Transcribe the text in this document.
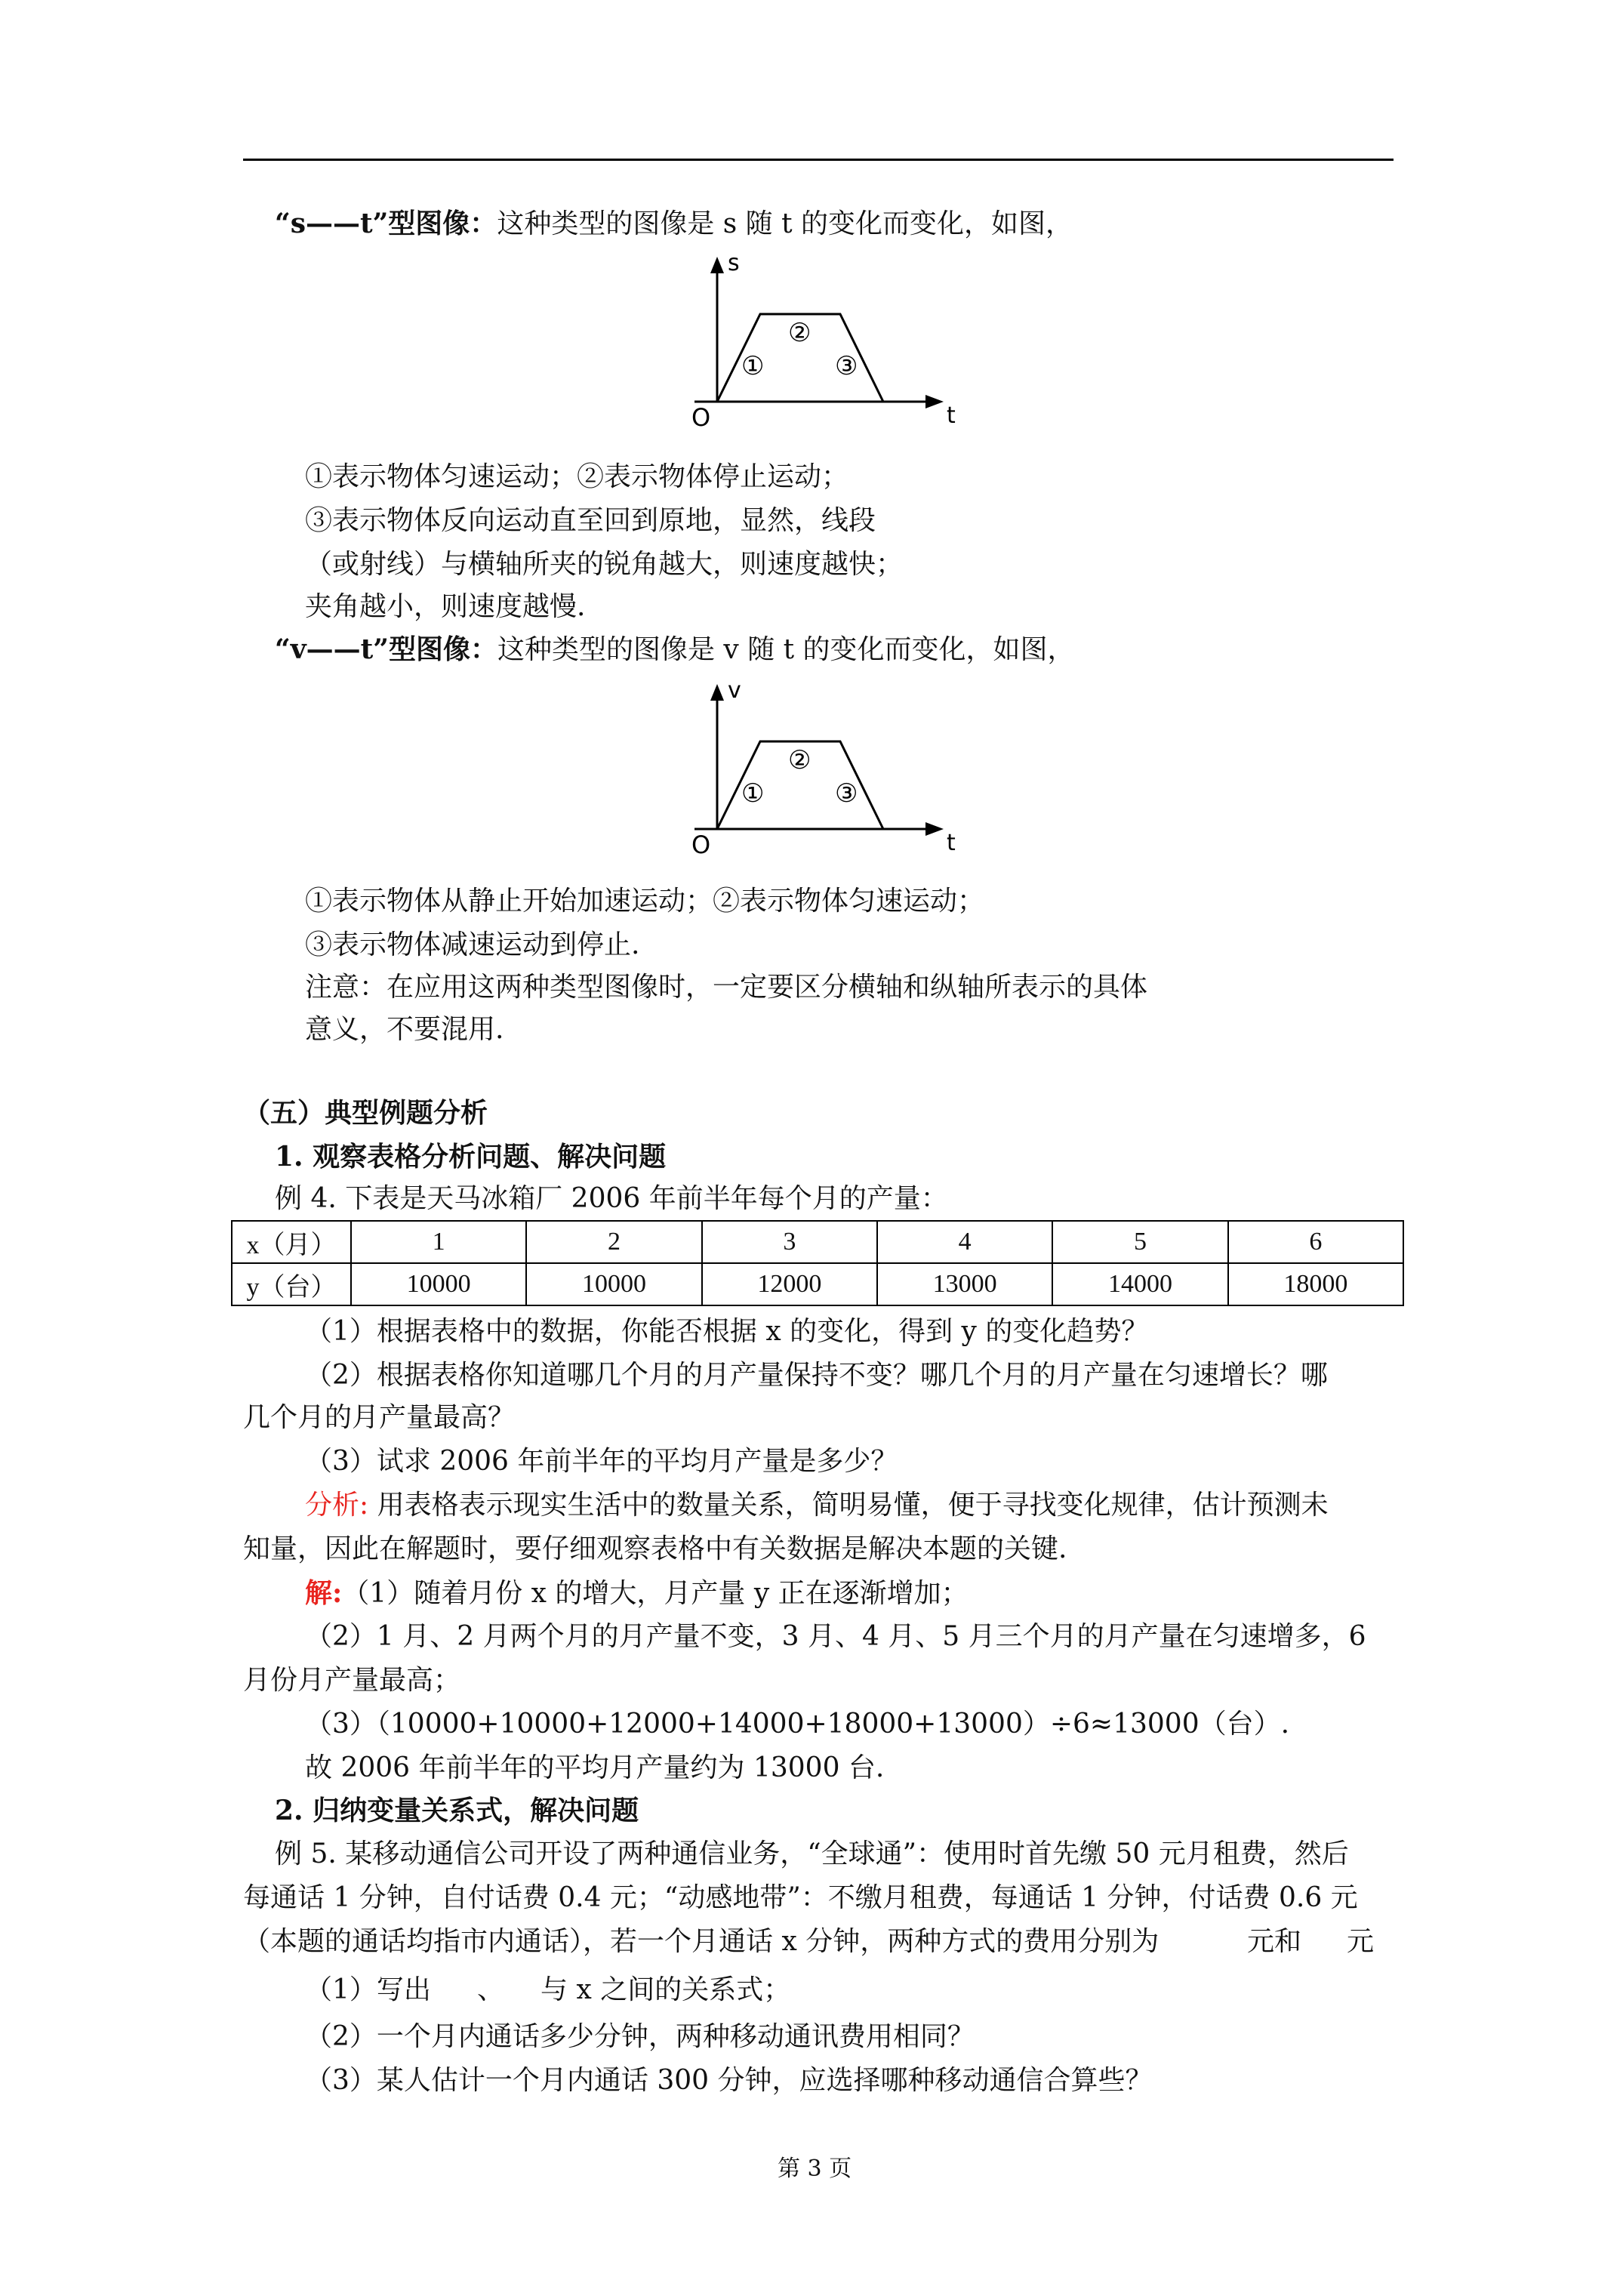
“s——t”型图像：这种类型的图像是 s 随 t 的变化而变化，如图，
s
t
O
①
②
③
①表示物体匀速运动；②表示物体停止运动；
③表示物体反向运动直至回到原地，显然，线段
（或射线）与横轴所夹的锐角越大，则速度越快；
夹角越小，则速度越慢.
“v——t”型图像：这种类型的图像是 v 随 t 的变化而变化，如图，
v
t
O
①
②
③
①表示物体从静止开始加速运动；②表示物体匀速运动；
③表示物体减速运动到停止.
注意：在应用这两种类型图像时，一定要区分横轴和纵轴所表示的具体
意义，不要混用.
（五）典型例题分析
1. 观察表格分析问题、解决问题
例 4. 下表是天马冰箱厂 2006 年前半年每个月的产量：
x（月）	1	2	3	4	5	6
y（台）	10000	10000	12000	13000	14000	18000
（1）根据表格中的数据，你能否根据 x 的变化，得到 y 的变化趋势？
（2）根据表格你知道哪几个月的月产量保持不变？哪几个月的月产量在匀速增长？哪
几个月的月产量最高？
（3）试求 2006 年前半年的平均月产量是多少？
分析: 用表格表示现实生活中的数量关系，简明易懂，便于寻找变化规律，估计预测未
知量，因此在解题时，要仔细观察表格中有关数据是解决本题的关键.
解:（1）随着月份 x 的增大，月产量 y 正在逐渐增加；
（2）1 月、2 月两个月的月产量不变，3 月、4 月、5 月三个月的月产量在匀速增多，6
月份月产量最高；
（3）（10000+10000+12000+14000+18000+13000）÷6≈13000（台）.
故 2006 年前半年的平均月产量约为 13000 台.
2. 归纳变量关系式，解决问题
例 5. 某移动通信公司开设了两种通信业务，“全球通”：使用时首先缴 50 元月租费，然后
每通话 1 分钟，自付话费 0.4 元；“动感地带”：不缴月租费，每通话 1 分钟，付话费 0.6 元
（本题的通话均指市内通话），若一个月通话 x 分钟，两种方式的费用分别为	元和 元
（1）写出 、 与 x 之间的关系式；
（2）一个月内通话多少分钟，两种移动通讯费用相同？
（3）某人估计一个月内通话 300 分钟，应选择哪种移动通信合算些？
第 3 页
